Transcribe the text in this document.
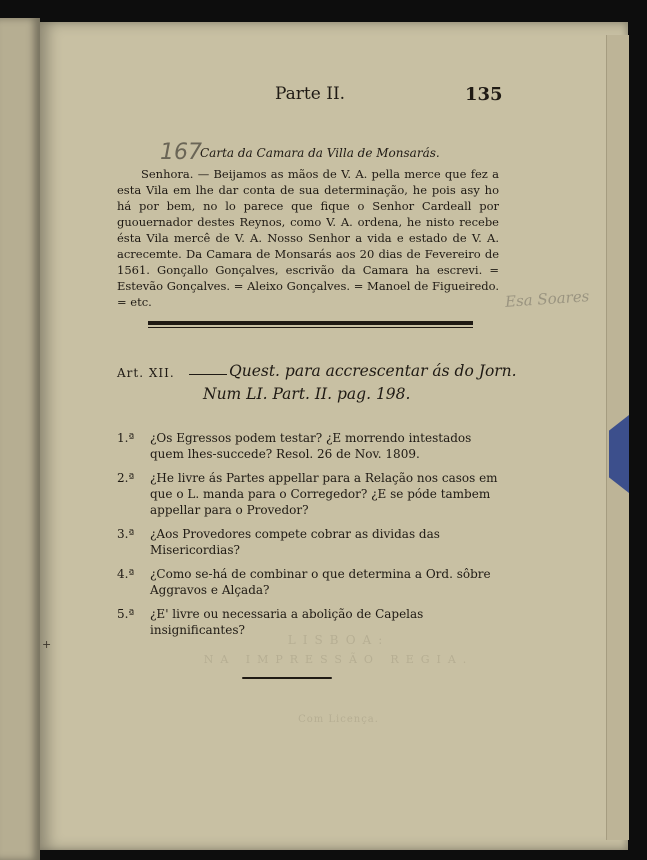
Parte II.	135
167
Carta da Camara da Villa de Monsarás.
Senhora. — Beijamos as mãos de V. A. pella merce que fez a esta Vila em lhe dar conta de sua determinação, he pois asy ho há por bem, no lo parece que fique o Senhor Cardeall por guouernador destes Reynos, como V. A. ordena, he nisto recebe ésta Vila mercê de V. A. Nosso Senhor a vida e estado de V. A. acrecemte. Da Camara de Monsarás aos 20 dias de Fevereiro de 1561. Gonçallo Gonçalves, escrivão da Camara ha escrevi. = Estevão Gonçalves. = Aleixo Gonçalves. = Manoel de Figueiredo. = etc.	Esa Soares
Art. XII.	Quest. para accrescentar ás do Jorn.
Num LI. Part. II. pag. 198.
1.ª ¿Os Egressos podem testar? ¿E morrendo intestados quem lhes-succede? Resol. 26 de Nov. 1809.
2.ª ¿He livre ás Partes appellar para a Relação nos casos em que o L. manda para o Corregedor? ¿E se póde tambem appellar para o Provedor?
3.ª ¿Aos Provedores compete cobrar as dividas das Misericordias?
4.ª ¿Como se-há de combinar o que determina a Ord. sôbre Aggravos e Alçada?
5.ª ¿E' livre ou necessaria a abolição de Capelas insignificantes?
LISBOA:
NA IMPRESSÃO REGIA.
Com Licença.
+
